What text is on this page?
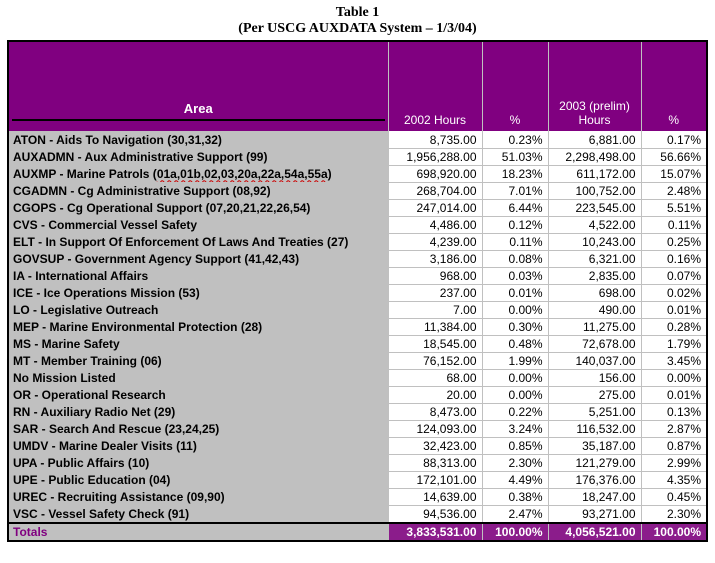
Table 1
(Per USCG AUXDATA System – 1/3/04)
Area	2002 Hours	%	2003 (prelim) Hours	%
ATON - Aids To Navigation (30,31,32)	8,735.00	0.23%	6,881.00	0.17%
AUXADMN - Aux Administrative Support (99)	1,956,288.00	51.03%	2,298,498.00	56.66%
AUXMP - Marine Patrols (01a,01b,02,03,20a,22a,54a,55a)	698,920.00	18.23%	611,172.00	15.07%
CGADMN - Cg Administrative Support (08,92)	268,704.00	7.01%	100,752.00	2.48%
CGOPS - Cg Operational Support (07,20,21,22,26,54)	247,014.00	6.44%	223,545.00	5.51%
CVS - Commercial Vessel Safety	4,486.00	0.12%	4,522.00	0.11%
ELT - In Support Of Enforcement Of Laws And Treaties (27)	4,239.00	0.11%	10,243.00	0.25%
GOVSUP - Government Agency Support (41,42,43)	3,186.00	0.08%	6,321.00	0.16%
IA - International Affairs	968.00	0.03%	2,835.00	0.07%
ICE - Ice Operations Mission (53)	237.00	0.01%	698.00	0.02%
LO - Legislative Outreach	7.00	0.00%	490.00	0.01%
MEP - Marine Environmental Protection (28)	11,384.00	0.30%	11,275.00	0.28%
MS - Marine Safety	18,545.00	0.48%	72,678.00	1.79%
MT - Member Training (06)	76,152.00	1.99%	140,037.00	3.45%
No Mission Listed	68.00	0.00%	156.00	0.00%
OR - Operational Research	20.00	0.00%	275.00	0.01%
RN - Auxiliary Radio Net (29)	8,473.00	0.22%	5,251.00	0.13%
SAR - Search And Rescue (23,24,25)	124,093.00	3.24%	116,532.00	2.87%
UMDV - Marine Dealer Visits (11)	32,423.00	0.85%	35,187.00	0.87%
UPA - Public Affairs (10)	88,313.00	2.30%	121,279.00	2.99%
UPE - Public Education (04)	172,101.00	4.49%	176,376.00	4.35%
UREC - Recruiting Assistance (09,90)	14,639.00	0.38%	18,247.00	0.45%
VSC - Vessel Safety Check (91)	94,536.00	2.47%	93,271.00	2.30%
Totals	3,833,531.00	100.00%	4,056,521.00	100.00%
